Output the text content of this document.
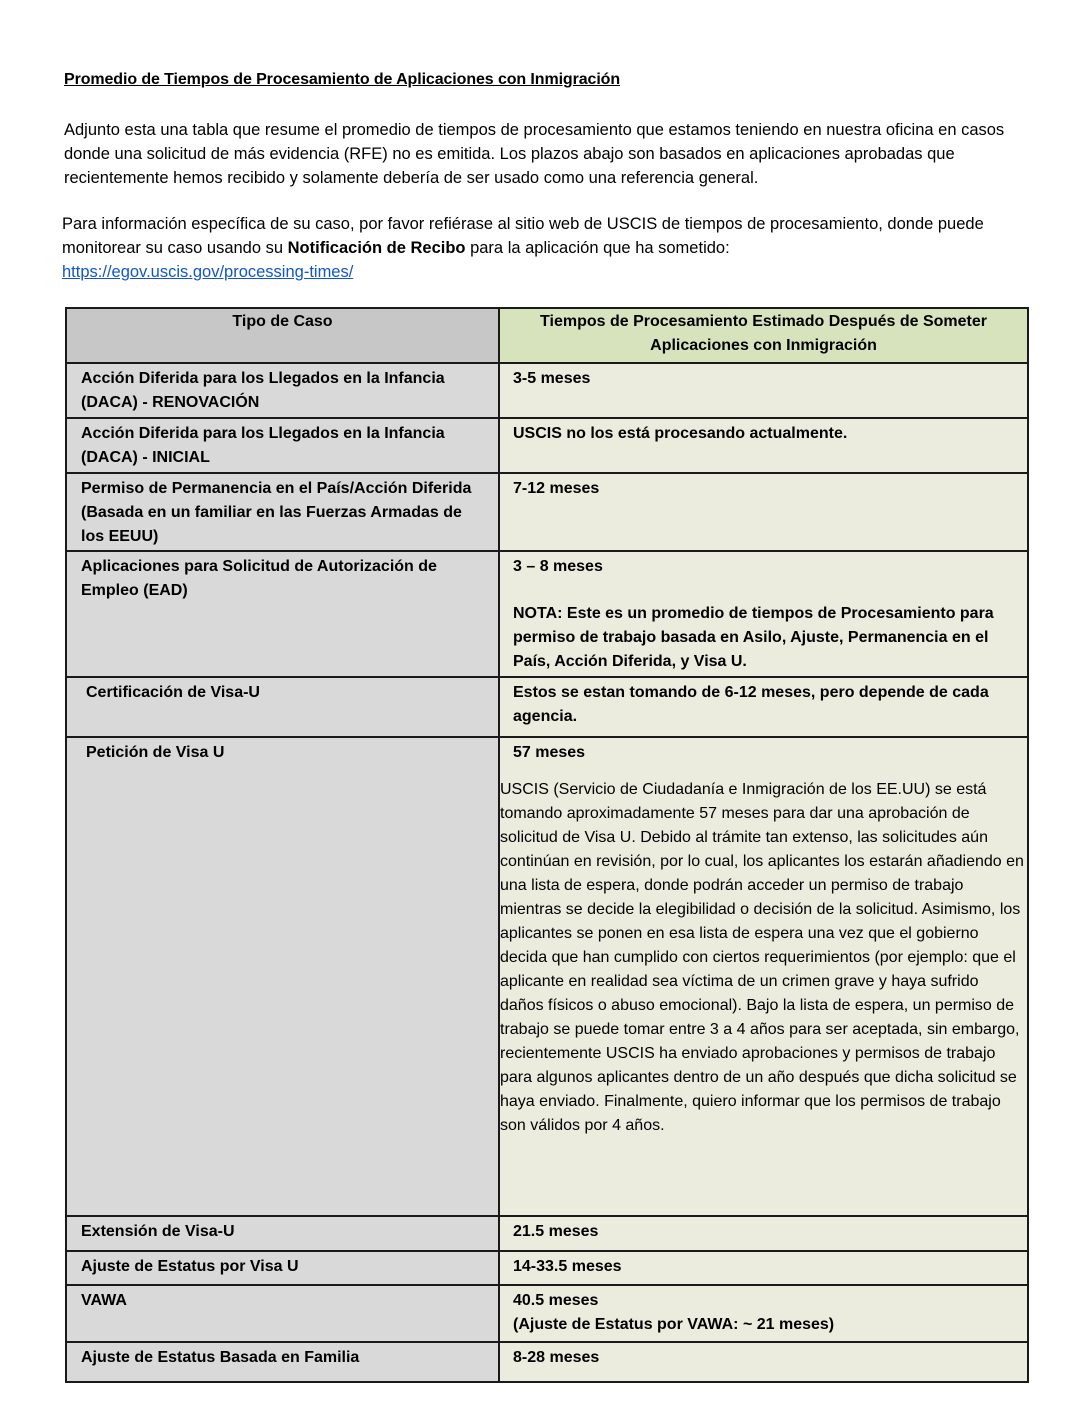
Promedio de Tiempos de Procesamiento de Aplicaciones con Inmigración
Adjunto esta una tabla que resume el promedio de tiempos de procesamiento que estamos teniendo en nuestra oficina en casos donde una solicitud de más evidencia (RFE) no es emitida. Los plazos abajo son basados en aplicaciones aprobadas que recientemente hemos recibido y solamente debería de ser usado como una referencia general.
Para información específica de su caso, por favor refiérase al sitio web de USCIS de tiempos de procesamiento, donde puede monitorear su caso usando su Notificación de Recibo para la aplicación que ha sometido:
https://egov.uscis.gov/processing-times/
Tipo de Caso	Tiempos de Procesamiento Estimado Después de Someter Aplicaciones con Inmigración
Acción Diferida para los Llegados en la Infancia (DACA) - RENOVACIÓN	3-5 meses
Acción Diferida para los Llegados en la Infancia (DACA) - INICIAL	USCIS no los está procesando actualmente.
Permiso de Permanencia en el País/Acción Diferida (Basada en un familiar en las Fuerzas Armadas de los EEUU)	7-12 meses
Aplicaciones para Solicitud de Autorización de Empleo (EAD)	3 – 8 meses
NOTA: Este es un promedio de tiempos de Procesamiento para permiso de trabajo basada en Asilo, Ajuste, Permanencia en el País, Acción Diferida, y Visa U.

Certificación de Visa-U	Estos se estan tomando de 6-12 meses, pero depende de cada agencia.
Petición de Visa U	57 meses
USCIS (Servicio de Ciudadanía e Inmigración de los EE.UU) se está tomando aproximadamente 57 meses para dar una aprobación de solicitud de Visa U. Debido al trámite tan extenso, las solicitudes aún continúan en revisión, por lo cual, los aplicantes los estarán añadiendo en una lista de espera, donde podrán acceder un permiso de trabajo mientras se decide la elegibilidad o decisión de la solicitud. Asimismo, los aplicantes se ponen en esa lista de espera una vez que el gobierno decida que han cumplido con ciertos requerimientos (por ejemplo: que el aplicante en realidad sea víctima de un crimen grave y haya sufrido daños físicos o abuso emocional). Bajo la lista de espera, un permiso de trabajo se puede tomar entre 3 a 4 años para ser aceptada, sin embargo, recientemente USCIS ha enviado aprobaciones y permisos de trabajo para algunos aplicantes dentro de un año después que dicha solicitud se haya enviado. Finalmente, quiero informar que los permisos de trabajo son válidos por 4 años.

Extensión de Visa-U	21.5 meses
Ajuste de Estatus por Visa U	14-33.5 meses
VAWA	40.5 meses
(Ajuste de Estatus por VAWA: ~ 21 meses)

Ajuste de Estatus Basada en Familia	8-28 meses
